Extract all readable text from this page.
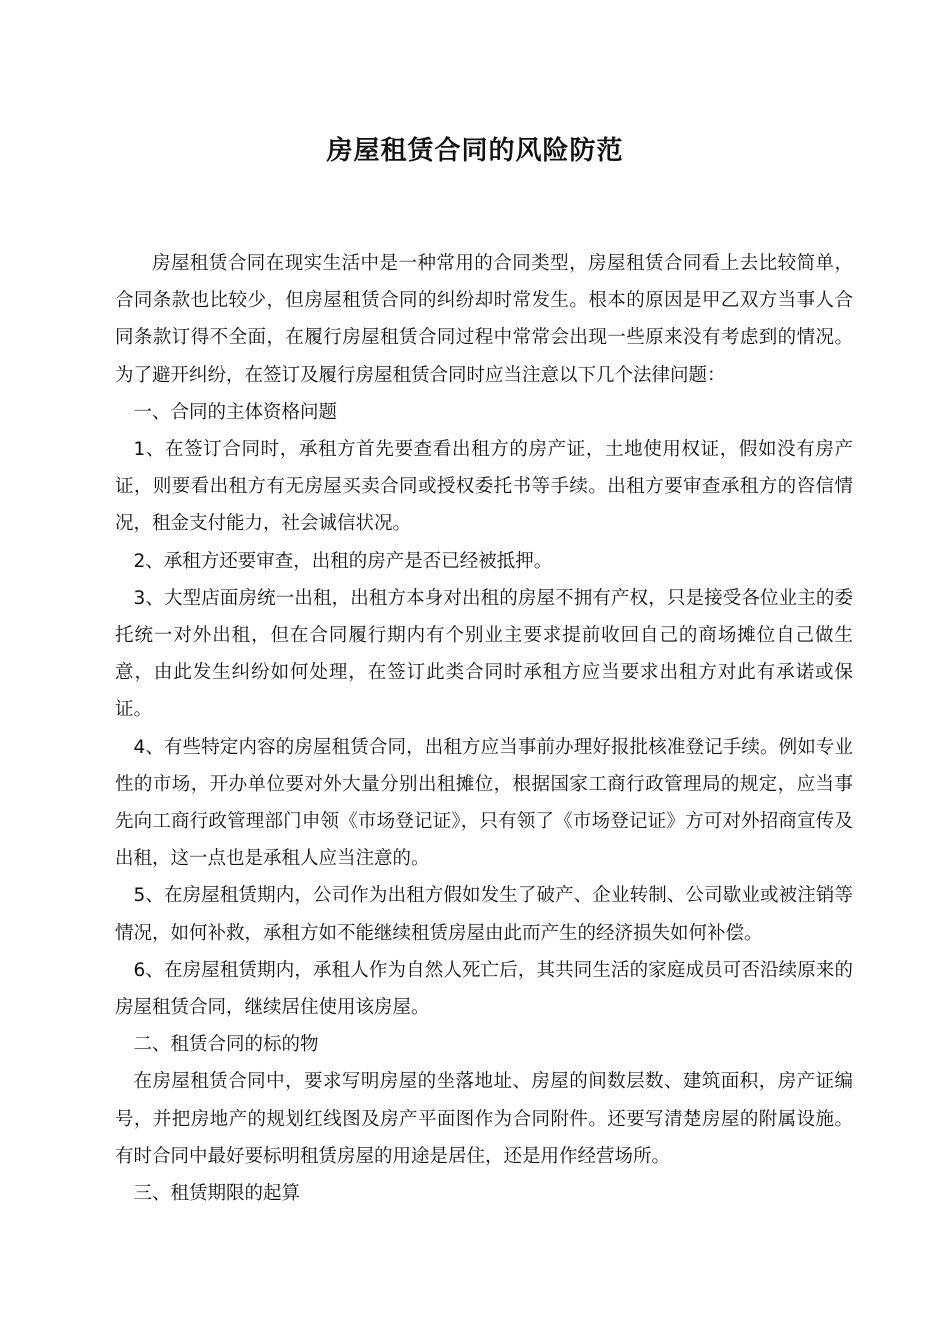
房屋租赁合同的风险防范

房屋租赁合同在现实生活中是一种常用的合同类型，房屋租赁合同看上去比较简单，合同条款也比较少，但房屋租赁合同的纠纷却时常发生。根本的原因是甲乙双方当事人合同条款订得不全面，在履行房屋租赁合同过程中常常会出现一些原来没有考虑到的情况。为了避开纠纷，在签订及履行房屋租赁合同时应当注意以下几个法律问题：

一、合同的主体资格问题

1、在签订合同时，承租方首先要查看出租方的房产证，土地使用权证，假如没有房产证，则要看出租方有无房屋买卖合同或授权委托书等手续。出租方要审查承租方的咨信情况，租金支付能力，社会诚信状况。

2、承租方还要审查，出租的房产是否已经被抵押。

3、大型店面房统一出租，出租方本身对出租的房屋不拥有产权，只是接受各位业主的委托统一对外出租，但在合同履行期内有个别业主要求提前收回自己的商场摊位自己做生意，由此发生纠纷如何处理，在签订此类合同时承租方应当要求出租方对此有承诺或保证。

4、有些特定内容的房屋租赁合同，出租方应当事前办理好报批核准登记手续。例如专业性的市场，开办单位要对外大量分别出租摊位，根据国家工商行政管理局的规定，应当事先向工商行政管理部门申领《市场登记证》，只有领了《市场登记证》方可对外招商宣传及出租，这一点也是承租人应当注意的。

5、在房屋租赁期内，公司作为出租方假如发生了破产、企业转制、公司歇业或被注销等情况，如何补救，承租方如不能继续租赁房屋由此而产生的经济损失如何补偿。

6、在房屋租赁期内，承租人作为自然人死亡后，其共同生活的家庭成员可否沿续原来的房屋租赁合同，继续居住使用该房屋。

二、租赁合同的标的物

在房屋租赁合同中，要求写明房屋的坐落地址、房屋的间数层数、建筑面积，房产证编号，并把房地产的规划红线图及房产平面图作为合同附件。还要写清楚房屋的附属设施。有时合同中最好要标明租赁房屋的用途是居住，还是用作经营场所。

三、租赁期限的起算
